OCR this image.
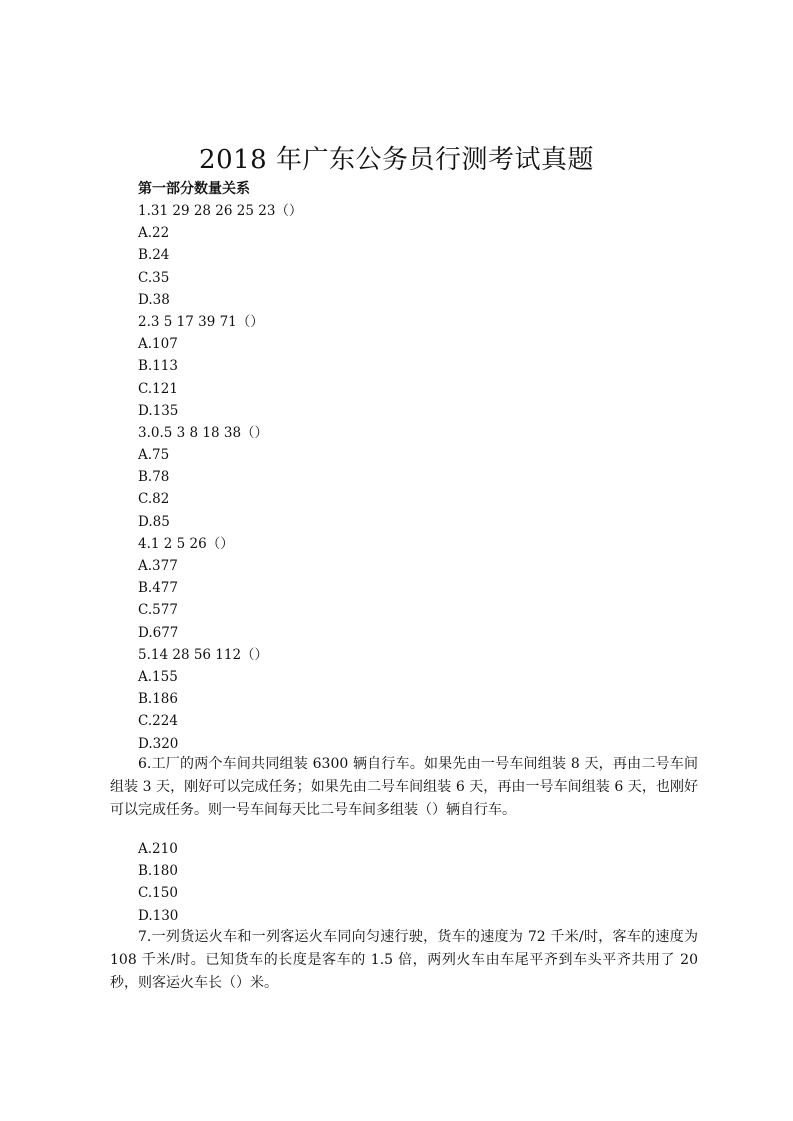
2018 年广东公务员行测考试真题
第一部分数量关系
1.31 29 28 26 25 23（）
A.22
B.24
C.35
D.38
2.3 5 17 39 71（）
A.107
B.113
C.121
D.135
3.0.5 3 8 18 38（）
A.75
B.78
C.82
D.85
4.1 2 5 26（）
A.377
B.477
C.577
D.677
5.14 28 56 112（）
A.155
B.186
C.224
D.320
6.工厂的两个车间共同组装 6300 辆自行车。如果先由一号车间组装 8 天，再由二号车间组装 3 天，刚好可以完成任务；如果先由二号车间组装 6 天，再由一号车间组装 6 天，也刚好可以完成任务。则一号车间每天比二号车间多组装（）辆自行车。
A.210
B.180
C.150
D.130
7.一列货运火车和一列客运火车同向匀速行驶，货车的速度为 72 千米/时，客车的速度为 108 千米/时。已知货车的长度是客车的 1.5 倍，两列火车由车尾平齐到车头平齐共用了 20 秒，则客运火车长（）米。
